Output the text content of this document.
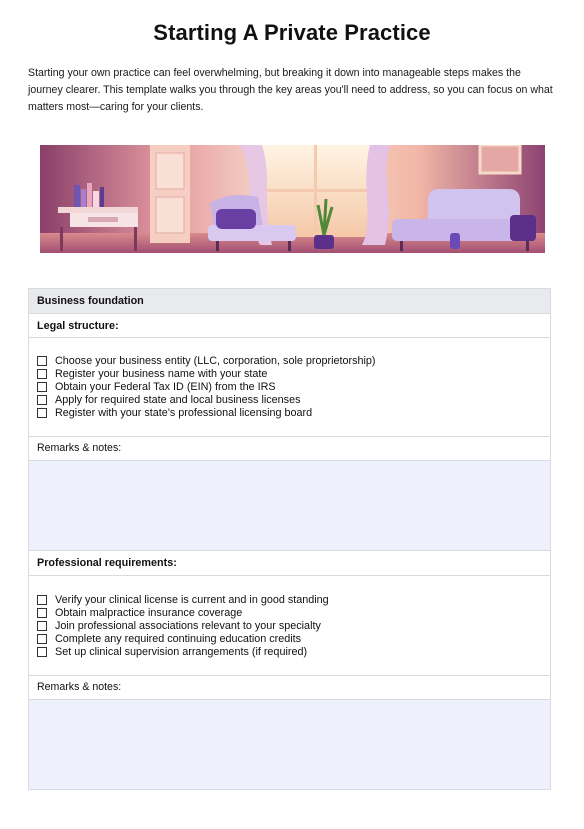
Starting A Private Practice
Starting your own practice can feel overwhelming, but breaking it down into manageable steps makes the journey clearer. This template walks you through the key areas you'll need to address, so you can focus on what matters most—caring for your clients.
Business foundation
Legal structure:
Choose your business entity (LLC, corporation, sole proprietorship)
Register your business name with your state
Obtain your Federal Tax ID (EIN) from the IRS
Apply for required state and local business licenses
Register with your state's professional licensing board
Remarks & notes:
Professional requirements:
Verify your clinical license is current and in good standing
Obtain malpractice insurance coverage
Join professional associations relevant to your specialty
Complete any required continuing education credits
Set up clinical supervision arrangements (if required)
Remarks & notes:
